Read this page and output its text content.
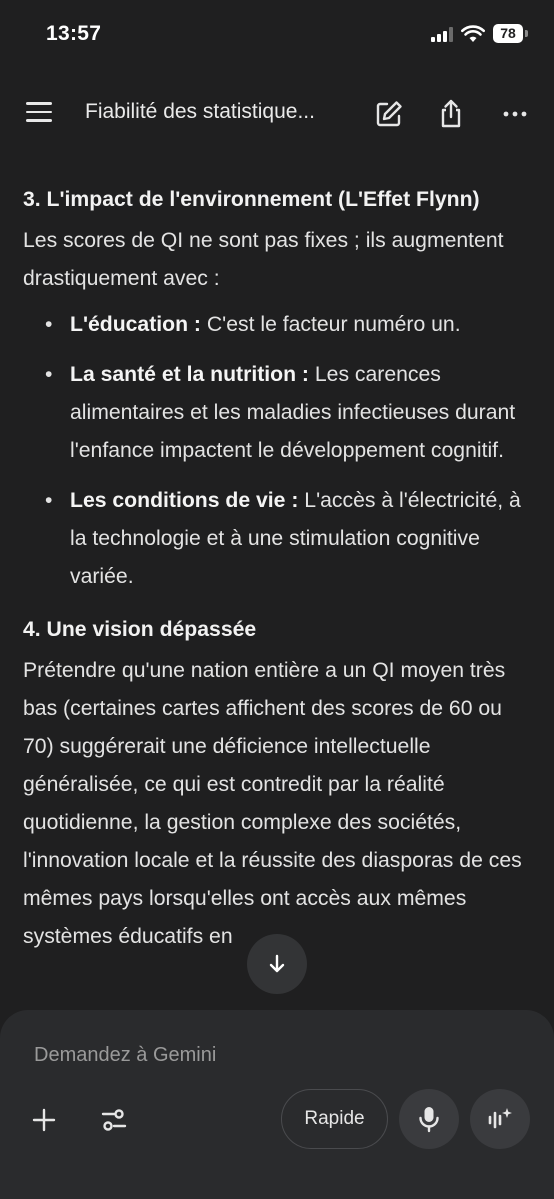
13:57	78
Fiabilité des statistique...
3. L'impact de l'environnement (L'Effet Flynn)

Les scores de QI ne sont pas fixes ; ils augmentent drastiquement avec :

• L'éducation : C'est le facteur numéro un.
• La santé et la nutrition : Les carences alimentaires et les maladies infectieuses durant l'enfance impactent le développement cognitif.
• Les conditions de vie : L'accès à l'électricité, à la technologie et à une stimulation cognitive variée.
4. Une vision dépassée

Prétendre qu'une nation entière a un QI moyen très bas (certaines cartes affichent des scores de 60 ou 70) suggérerait une déficience intellectuelle généralisée, ce qui est contredit par la réalité quotidienne, la gestion complexe des sociétés, l'innovation locale et la réussite des diasporas de ces mêmes pays lorsqu'elles ont accès aux mêmes systèmes éducatifs en

Demandez à Gemini
Rapide
